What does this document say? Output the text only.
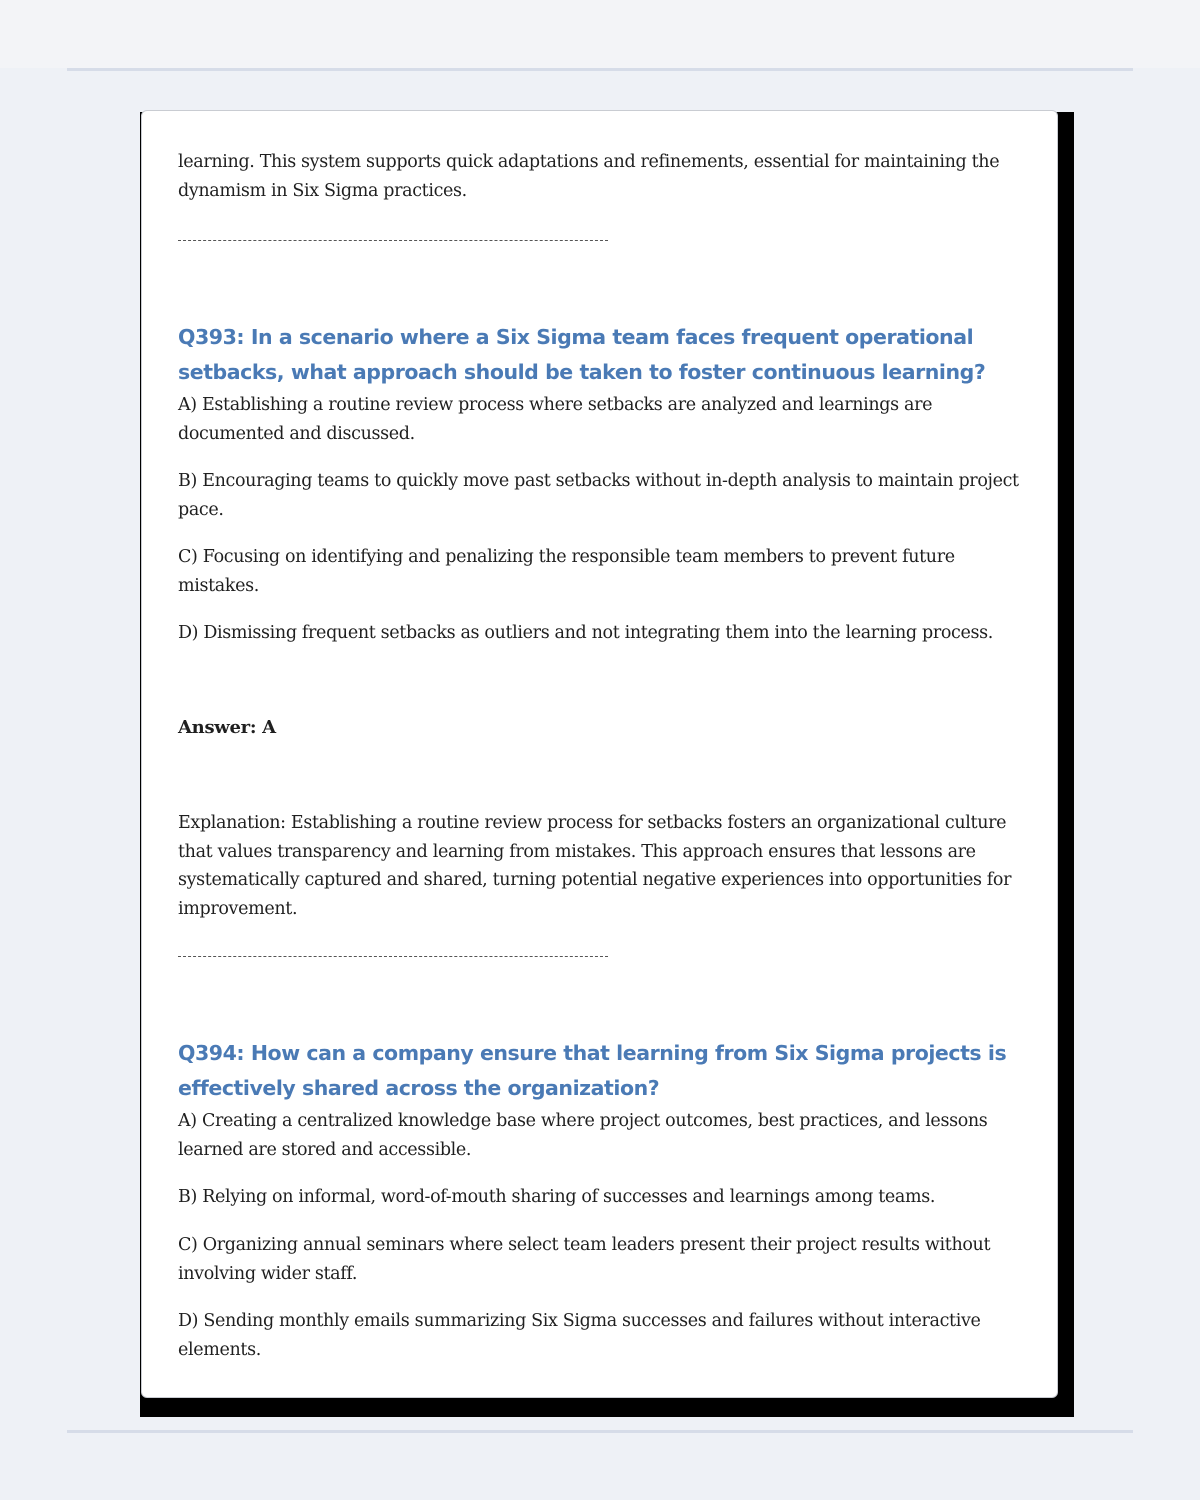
learning. This system supports quick adaptations and refinements, essential for maintaining the dynamism in Six Sigma practices.

Q393: In a scenario where a Six Sigma team faces frequent operational setbacks, what approach should be taken to foster continuous learning?

A) Establishing a routine review process where setbacks are analyzed and learnings are documented and discussed.

B) Encouraging teams to quickly move past setbacks without in-depth analysis to maintain project pace.

C) Focusing on identifying and penalizing the responsible team members to prevent future mistakes.

D) Dismissing frequent setbacks as outliers and not integrating them into the learning process.

Answer: A

Explanation: Establishing a routine review process for setbacks fosters an organizational culture that values transparency and learning from mistakes. This approach ensures that lessons are systematically captured and shared, turning potential negative experiences into opportunities for improvement.

Q394: How can a company ensure that learning from Six Sigma projects is effectively shared across the organization?

A) Creating a centralized knowledge base where project outcomes, best practices, and lessons learned are stored and accessible.

B) Relying on informal, word-of-mouth sharing of successes and learnings among teams.

C) Organizing annual seminars where select team leaders present their project results without involving wider staff.

D) Sending monthly emails summarizing Six Sigma successes and failures without interactive elements.
